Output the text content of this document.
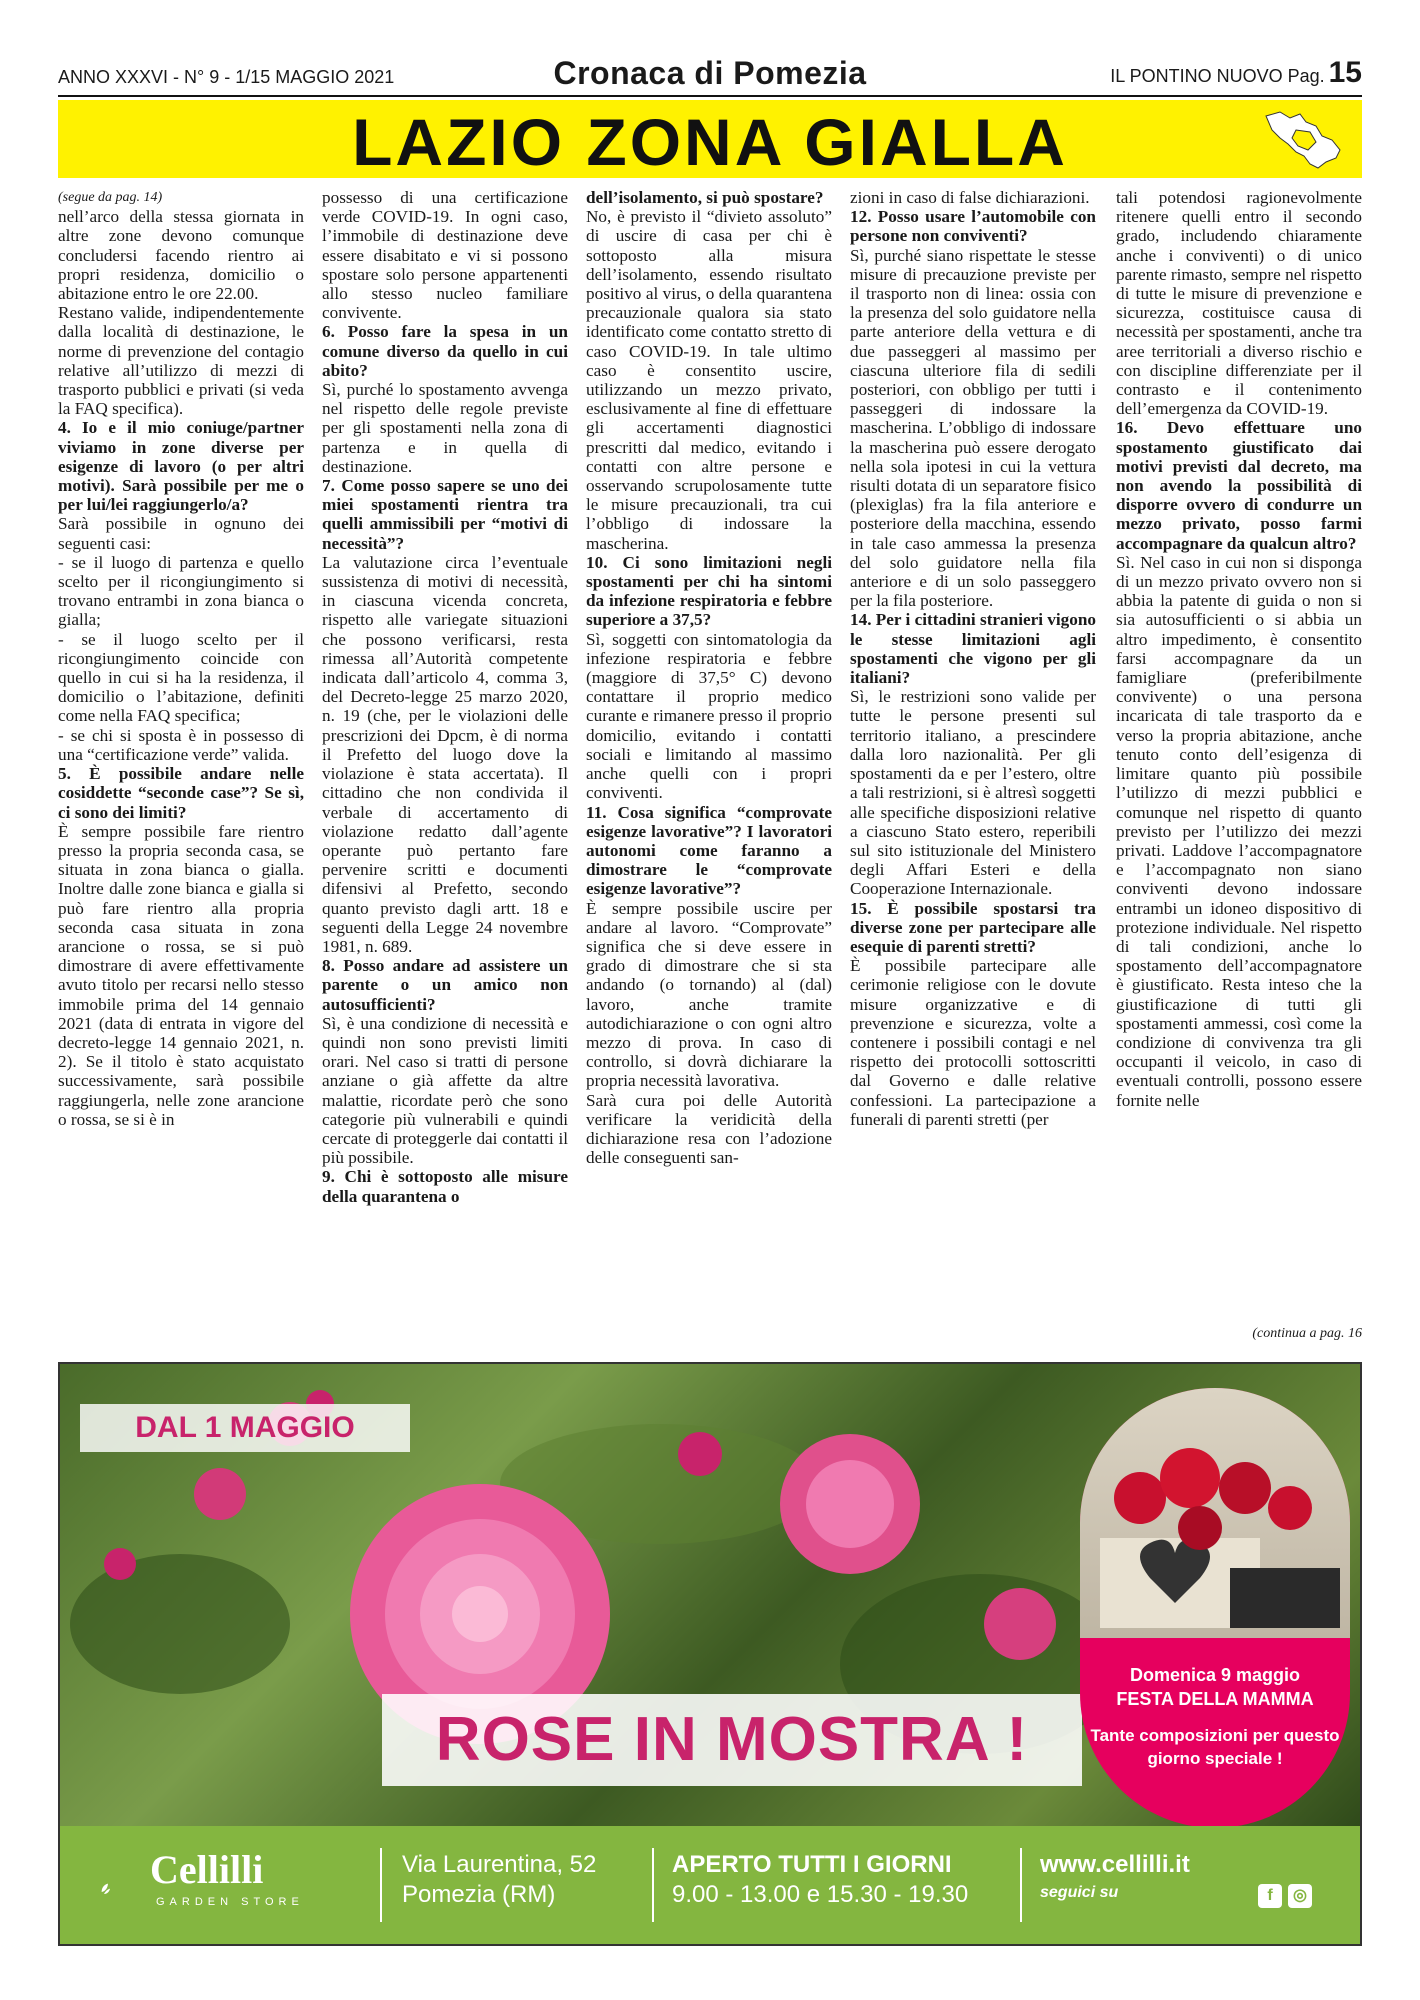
ANNO XXXVI - N° 9 - 1/15 MAGGIO 2021	Cronaca di Pomezia	IL PONTINO NUOVO Pag. 15
LAZIO ZONA GIALLA

(segue da pag. 14)

nell’arco della stessa giornata in altre zone devono comunque concludersi facendo rientro ai propri residenza, domicilio o abitazione entro le ore 22.00.

Restano valide, indipendentemente dalla località di destinazione, le norme di prevenzione del contagio relative all’utilizzo di mezzi di trasporto pubblici e privati (si veda la FAQ specifica).

4. Io e il mio coniuge/partner viviamo in zone diverse per esigenze di lavoro (o per altri motivi). Sarà possibile per me o per lui/lei raggiungerlo/a?

Sarà possibile in ognuno dei seguenti casi:

- se il luogo di partenza e quello scelto per il ricongiungimento si trovano entrambi in zona bianca o gialla;

- se il luogo scelto per il ricongiungimento coincide con quello in cui si ha la residenza, il domicilio o l’abitazione, definiti come nella FAQ specifica;

- se chi si sposta è in possesso di una “certificazione verde” valida.

5. È possibile andare nelle cosiddette “seconde case”? Se sì, ci sono dei limiti?

È sempre possibile fare rientro presso la propria seconda casa, se situata in zona bianca o gialla. Inoltre dalle zone bianca e gialla si può fare rientro alla propria seconda casa situata in zona arancione o rossa, se si può dimostrare di avere effettivamente avuto titolo per recarsi nello stesso immobile prima del 14 gennaio 2021 (data di entrata in vigore del decreto-legge 14 gennaio 2021, n. 2). Se il titolo è stato acquistato successivamente, sarà possibile raggiungerla, nelle zone arancione o rossa, se si è in

possesso di una certificazione verde COVID-19. In ogni caso, l’immobile di destinazione deve essere disabitato e vi si possono spostare solo persone appartenenti allo stesso nucleo familiare convivente.

6. Posso fare la spesa in un comune diverso da quello in cui abito?

Sì, purché lo spostamento avvenga nel rispetto delle regole previste per gli spostamenti nella zona di partenza e in quella di destinazione.

7. Come posso sapere se uno dei miei spostamenti rientra tra quelli ammissibili per “motivi di necessità”?

La valutazione circa l’eventuale sussistenza di motivi di necessità, in ciascuna vicenda concreta, rispetto alle variegate situazioni che possono verificarsi, resta rimessa all’Autorità competente indicata dall’articolo 4, comma 3, del Decreto-legge 25 marzo 2020, n. 19 (che, per le violazioni delle prescrizioni dei Dpcm, è di norma il Prefetto del luogo dove la violazione è stata accertata). Il cittadino che non condivida il verbale di accertamento di violazione redatto dall’agente operante può pertanto fare pervenire scritti e documenti difensivi al Prefetto, secondo quanto previsto dagli artt. 18 e seguenti della Legge 24 novembre 1981, n. 689.

8. Posso andare ad assistere un parente o un amico non autosufficienti?

Sì, è una condizione di necessità e quindi non sono previsti limiti orari. Nel caso si tratti di persone anziane o già affette da altre malattie, ricordate però che sono categorie più vulnerabili e quindi cercate di proteggerle dai contatti il più possibile.

9. Chi è sottoposto alle misure della quarantena o

dell’isolamento, si può spostare?

No, è previsto il “divieto assoluto” di uscire di casa per chi è sottoposto alla misura dell’isolamento, essendo risultato positivo al virus, o della quarantena precauzionale qualora sia stato identificato come contatto stretto di caso COVID-19. In tale ultimo caso è consentito uscire, utilizzando un mezzo privato, esclusivamente al fine di effettuare gli accertamenti diagnostici prescritti dal medico, evitando i contatti con altre persone e osservando scrupolosamente tutte le misure precauzionali, tra cui l’obbligo di indossare la mascherina.

10. Ci sono limitazioni negli spostamenti per chi ha sintomi da infezione respiratoria e febbre superiore a 37,5?

Sì, soggetti con sintomatologia da infezione respiratoria e febbre (maggiore di 37,5° C) devono contattare il proprio medico curante e rimanere presso il proprio domicilio, evitando i contatti sociali e limitando al massimo anche quelli con i propri conviventi.

11. Cosa significa “comprovate esigenze lavorative”? I lavoratori autonomi come faranno a dimostrare le “comprovate esigenze lavorative”?

È sempre possibile uscire per andare al lavoro. “Comprovate” significa che si deve essere in grado di dimostrare che si sta andando (o tornando) al (dal) lavoro, anche tramite autodichiarazione o con ogni altro mezzo di prova. In caso di controllo, si dovrà dichiarare la propria necessità lavorativa.

Sarà cura poi delle Autorità verificare la veridicità della dichiarazione resa con l’adozione delle conseguenti san-

zioni in caso di false dichiarazioni.

12. Posso usare l’automobile con persone non conviventi?

Sì, purché siano rispettate le stesse misure di precauzione previste per il trasporto non di linea: ossia con la presenza del solo guidatore nella parte anteriore della vettura e di due passeggeri al massimo per ciascuna ulteriore fila di sedili posteriori, con obbligo per tutti i passeggeri di indossare la mascherina. L’obbligo di indossare la mascherina può essere derogato nella sola ipotesi in cui la vettura risulti dotata di un separatore fisico (plexiglas) fra la fila anteriore e posteriore della macchina, essendo in tale caso ammessa la presenza del solo guidatore nella fila anteriore e di un solo passeggero per la fila posteriore.

14. Per i cittadini stranieri vigono le stesse limitazioni agli spostamenti che vigono per gli italiani?

Sì, le restrizioni sono valide per tutte le persone presenti sul territorio italiano, a prescindere dalla loro nazionalità. Per gli spostamenti da e per l’estero, oltre a tali restrizioni, si è altresì soggetti alle specifiche disposizioni relative a ciascuno Stato estero, reperibili sul sito istituzionale del Ministero degli Affari Esteri e della Cooperazione Internazionale.

15. È possibile spostarsi tra diverse zone per partecipare alle esequie di parenti stretti?

È possibile partecipare alle cerimonie religiose con le dovute misure organizzative e di prevenzione e sicurezza, volte a contenere i possibili contagi e nel rispetto dei protocolli sottoscritti dal Governo e dalle relative confessioni. La partecipazione a funerali di parenti stretti (per

tali potendosi ragionevolmente ritenere quelli entro il secondo grado, includendo chiaramente anche i conviventi) o di unico parente rimasto, sempre nel rispetto di tutte le misure di prevenzione e sicurezza, costituisce causa di necessità per spostamenti, anche tra aree territoriali a diverso rischio e con discipline differenziate per il contrasto e il contenimento dell’emergenza da COVID-19.

16. Devo effettuare uno spostamento giustificato dai motivi previsti dal decreto, ma non avendo la possibilità di disporre ovvero di condurre un mezzo privato, posso farmi accompagnare da qualcun altro?

Sì. Nel caso in cui non si disponga di un mezzo privato ovvero non si abbia la patente di guida o non si sia autosufficienti o si abbia un altro impedimento, è consentito farsi accompagnare da un famigliare (preferibilmente convivente) o una persona incaricata di tale trasporto da e verso la propria abitazione, anche tenuto conto dell’esigenza di limitare quanto più possibile l’utilizzo di mezzi pubblici e comunque nel rispetto di quanto previsto per l’utilizzo dei mezzi privati. Laddove l’accompagnatore e l’accompagnato non siano conviventi devono indossare entrambi un idoneo dispositivo di protezione individuale. Nel rispetto di tali condizioni, anche lo spostamento dell’accompagnatore è giustificato. Resta inteso che la giustificazione di tutti gli spostamenti ammessi, così come la condizione di convivenza tra gli occupanti il veicolo, in caso di eventuali controlli, possono essere fornite nelle

(continua a pag. 16
DAL 1 MAGGIO
ROSE IN MOSTRA !
Domenica 9 maggio
FESTA DELLA MAMMA
Tante composizioni per questo giorno speciale !
Cellilli
GARDEN STORE
Via Laurentina, 52
Pomezia (RM)
APERTO TUTTI I GIORNI
9.00 - 13.00 e 15.30 - 19.30
www.cellilli.it
seguici su	f	◎
